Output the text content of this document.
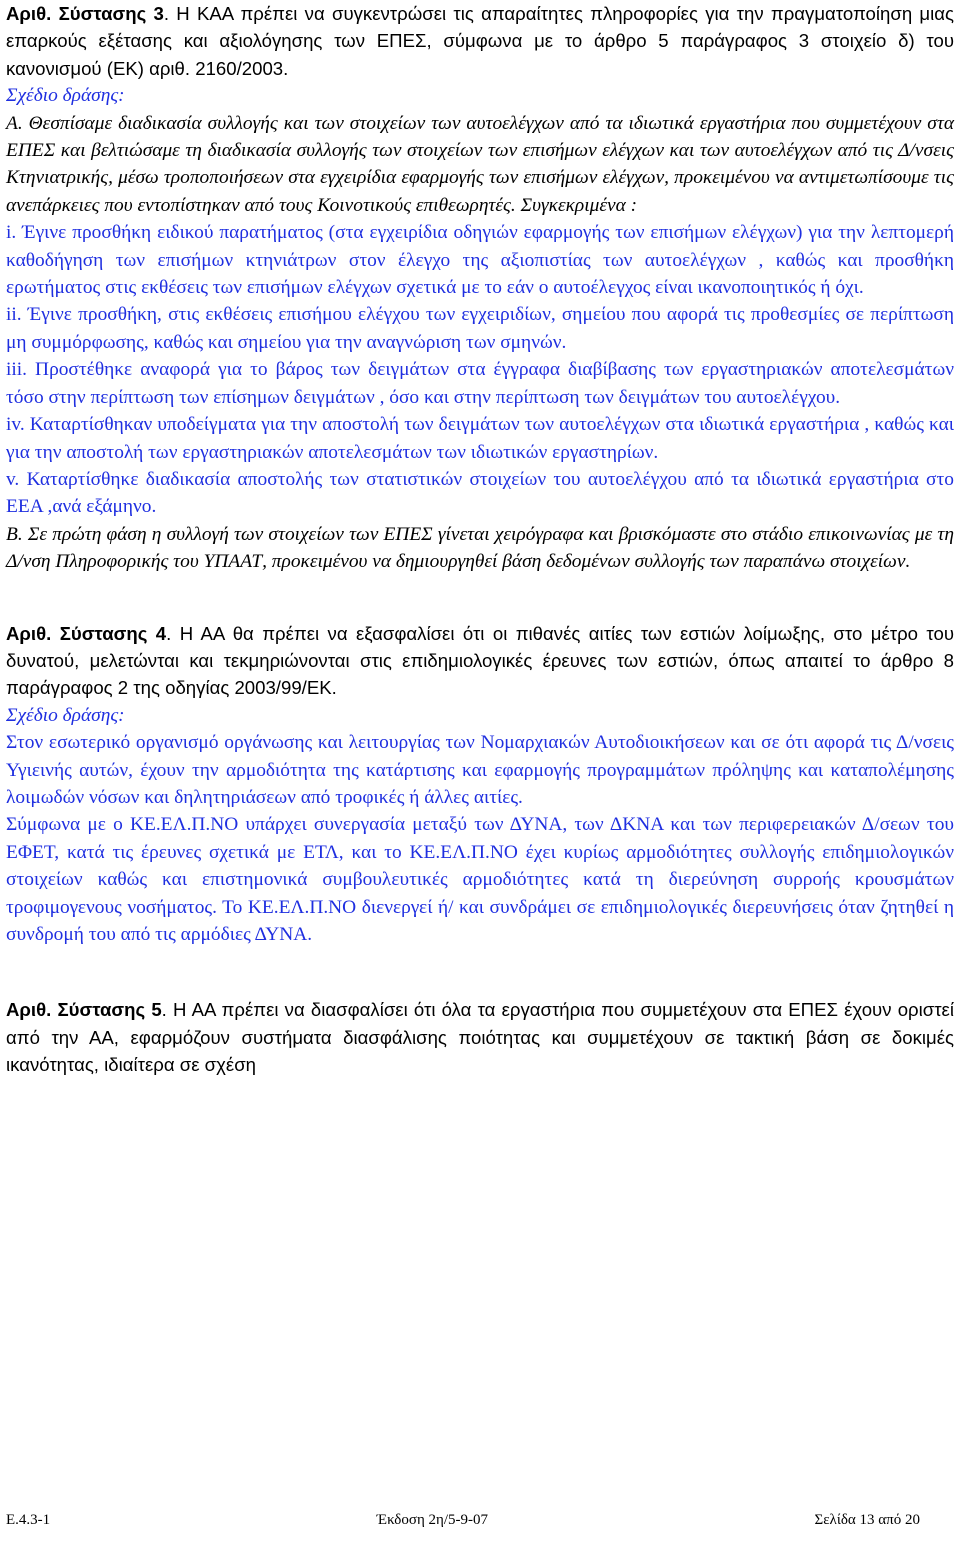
Αριθ. Σύστασης 3. Η ΚΑΑ πρέπει να συγκεντρώσει τις απαραίτητες πληροφορίες για την πραγματοποίηση μιας επαρκούς εξέτασης και αξιολόγησης των ΕΠΕΣ, σύμφωνα με το άρθρο 5 παράγραφος 3 στοιχείο δ) του κανονισμού (ΕΚ) αριθ. 2160/2003.

Σχέδιο δράσης:

Α. Θεσπίσαμε διαδικασία συλλογής και των στοιχείων των αυτοελέγχων από τα ιδιωτικά εργαστήρια που συμμετέχουν στα ΕΠΕΣ και βελτιώσαμε τη διαδικασία συλλογής των στοιχείων των επισήμων ελέγχων και των αυτοελέγχων από τις Δ/νσεις Κτηνιατρικής, μέσω τροποποιήσεων στα εγχειρίδια εφαρμογής των επισήμων ελέγχων, προκειμένου να αντιμετωπίσουμε τις ανεπάρκειες που εντοπίστηκαν από τους Κοινοτικούς επιθεωρητές. Συγκεκριμένα :

i. Έγινε προσθήκη ειδικού παρατήματος (στα εγχειρίδια οδηγιών εφαρμογής των επισήμων ελέγχων) για την λεπτομερή καθοδήγηση των επισήμων κτηνιάτρων στον έλεγχο της αξιοπιστίας των αυτοελέγχων , καθώς και προσθήκη ερωτήματος στις εκθέσεις των επισήμων ελέγχων σχετικά με το εάν ο αυτοέλεγχος είναι ικανοποιητικός ή όχι.

ii. Έγινε προσθήκη, στις εκθέσεις επισήμου ελέγχου των εγχειριδίων, σημείου που αφορά τις προθεσμίες σε περίπτωση μη συμμόρφωσης, καθώς και σημείου για την αναγνώριση των σμηνών.

iii. Προστέθηκε αναφορά για το βάρος των δειγμάτων στα έγγραφα διαβίβασης των εργαστηριακών αποτελεσμάτων τόσο στην περίπτωση των επίσημων δειγμάτων , όσο και στην περίπτωση των δειγμάτων του αυτοελέγχου.

iv. Καταρτίσθηκαν υποδείγματα για την αποστολή των δειγμάτων των αυτοελέγχων στα ιδιωτικά εργαστήρια , καθώς και για την αποστολή των εργαστηριακών αποτελεσμάτων των ιδιωτικών εργαστηρίων.

v. Καταρτίσθηκε διαδικασία αποστολής των στατιστικών στοιχείων του αυτοελέγχου από τα ιδιωτικά εργαστήρια στο ΕΕΑ ,ανά εξάμηνο.

Β. Σε πρώτη φάση η συλλογή των στοιχείων των ΕΠΕΣ γίνεται χειρόγραφα και βρισκόμαστε στο στάδιο επικοινωνίας με τη Δ/νση Πληροφορικής του ΥΠΑΑΤ, προκειμένου να δημιουργηθεί βάση δεδομένων συλλογής των παραπάνω στοιχείων.

Αριθ. Σύστασης 4. Η ΑΑ θα πρέπει να εξασφαλίσει ότι οι πιθανές αιτίες των εστιών λοίμωξης, στο μέτρο του δυνατού, μελετώνται και τεκμηριώνονται στις επιδημιολογικές έρευνες των εστιών, όπως απαιτεί το άρθρο 8 παράγραφος 2 της οδηγίας 2003/99/ΕΚ.

Σχέδιο δράσης:

Στον εσωτερικό οργανισμό οργάνωσης και λειτουργίας των Νομαρχιακών Αυτοδιοικήσεων και σε ότι αφορά τις Δ/νσεις Υγιεινής αυτών, έχουν την αρμοδιότητα της κατάρτισης και εφαρμογής προγραμμάτων πρόληψης και καταπολέμησης λοιμωδών νόσων και δηλητηριάσεων από τροφικές ή άλλες αιτίες.

Σύμφωνα με ο ΚΕ.ΕΛ.Π.ΝΟ υπάρχει συνεργασία μεταξύ των ΔΥΝΑ, των ΔΚΝΑ και των περιφερειακών Δ/σεων του ΕΦΕΤ, κατά τις έρευνες σχετικά με ΕΤΛ, και το ΚΕ.ΕΛ.Π.ΝΟ έχει κυρίως αρμοδιότητες συλλογής επιδημιολογικών στοιχείων καθώς και επιστημονικά συμβουλευτικές αρμοδιότητες κατά τη διερεύνηση συρροής κρουσμάτων τροφιμογενους νοσήματος. Το ΚΕ.ΕΛ.Π.ΝΟ διενεργεί ή/ και συνδράμει σε επιδημιολογικές διερευνήσεις όταν ζητηθεί η συνδρομή του από τις αρμόδιες ΔΥΝΑ.

Αριθ. Σύστασης 5. Η ΑΑ πρέπει να διασφαλίσει ότι όλα τα εργαστήρια που συμμετέχουν στα ΕΠΕΣ έχουν οριστεί από την ΑΑ, εφαρμόζουν συστήματα διασφάλισης ποιότητας και συμμετέχουν σε τακτική βάση σε δοκιμές ικανότητας, ιδιαίτερα σε σχέση

Ε.4.3-1	Έκδοση 2η/5-9-07	Σελίδα 13 από 20
